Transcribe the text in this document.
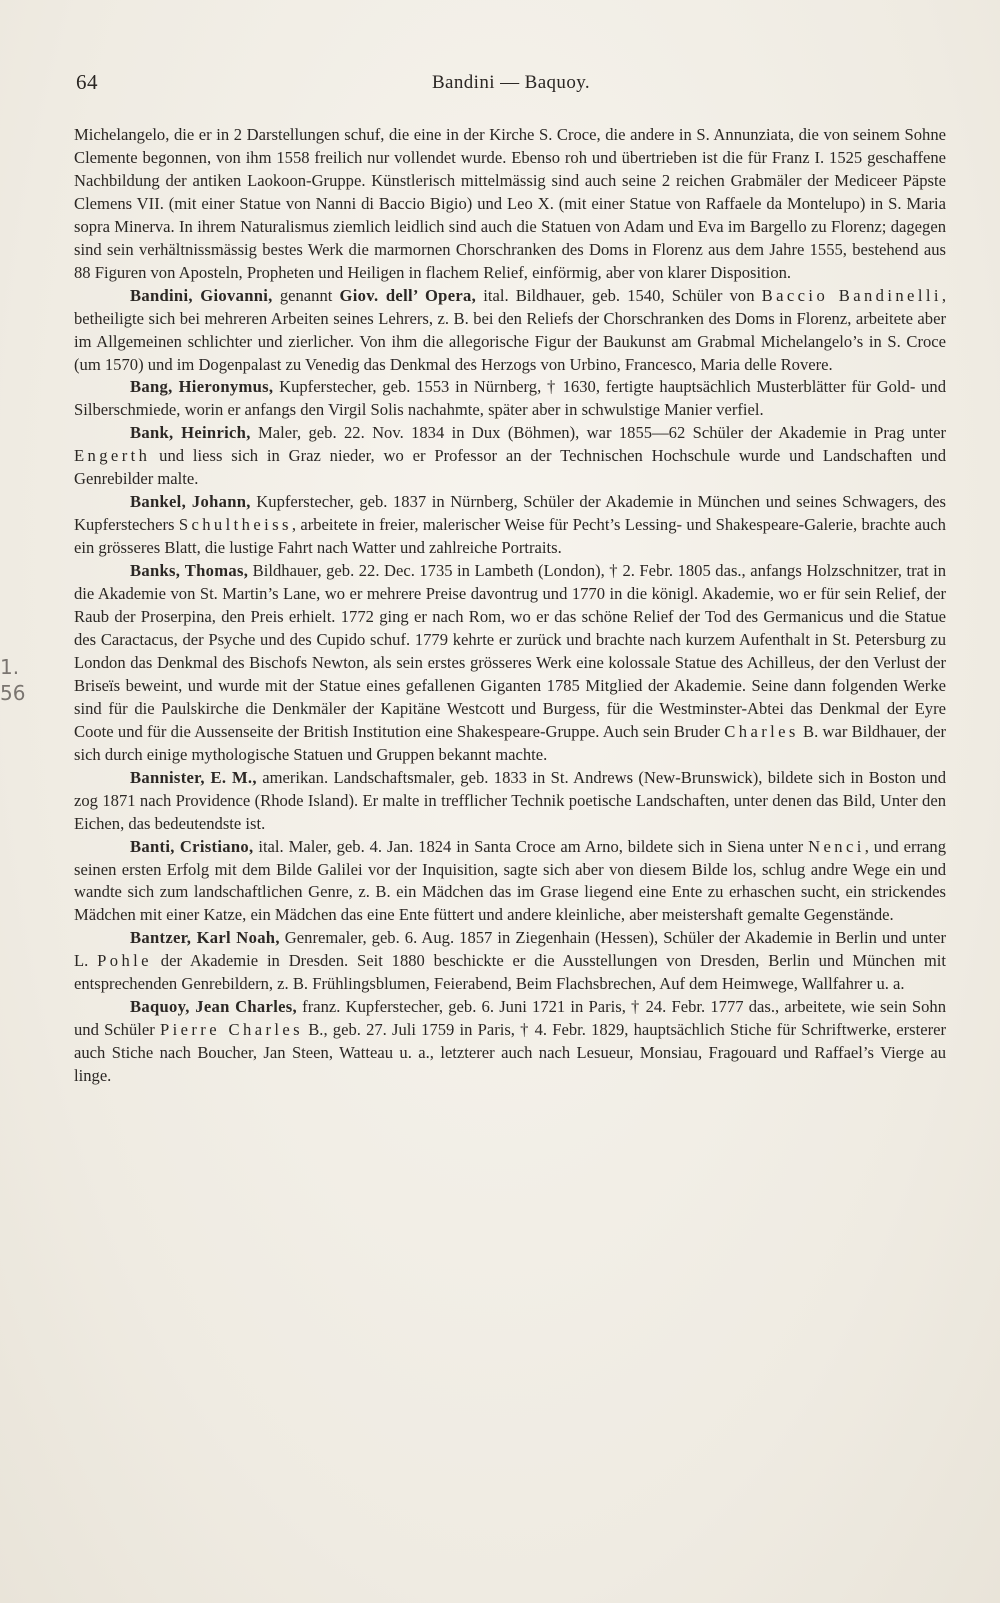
1.
56
64	Bandini — Baquoy.

Michelangelo, die er in 2 Darstellungen schuf, die eine in der Kirche S. Croce, die andere in S. Annunziata, die von seinem Sohne Clemente begonnen, von ihm 1558 freilich nur vollendet wurde. Ebenso roh und übertrieben ist die für Franz I. 1525 geschaffene Nachbildung der antiken Laokoon-Gruppe. Künstlerisch mittelmässig sind auch seine 2 reichen Grabmäler der Mediceer Päpste Clemens VII. (mit einer Statue von Nanni di Baccio Bigio) und Leo X. (mit einer Statue von Raffaele da Montelupo) in S. Maria sopra Minerva. In ihrem Naturalismus ziemlich leidlich sind auch die Statuen von Adam und Eva im Bargello zu Florenz; dagegen sind sein verhältnissmässig bestes Werk die marmornen Chorschranken des Doms in Florenz aus dem Jahre 1555, bestehend aus 88 Figuren von Aposteln, Propheten und Heiligen in flachem Relief, einförmig, aber von klarer Disposition.

Bandini, Giovanni, genannt Giov. dell’ Opera, ital. Bildhauer, geb. 1540, Schüler von Baccio Bandinelli, betheiligte sich bei mehreren Arbeiten seines Lehrers, z. B. bei den Reliefs der Chorschranken des Doms in Florenz, arbeitete aber im Allgemeinen schlichter und zierlicher. Von ihm die allegorische Figur der Baukunst am Grabmal Michelangelo’s in S. Croce (um 1570) und im Dogenpalast zu Venedig das Denkmal des Herzogs von Urbino, Francesco, Maria delle Rovere.

Bang, Hieronymus, Kupferstecher, geb. 1553 in Nürnberg, † 1630, fertigte hauptsächlich Musterblätter für Gold- und Silberschmiede, worin er anfangs den Virgil Solis nachahmte, später aber in schwulstige Manier verfiel.

Bank, Heinrich, Maler, geb. 22. Nov. 1834 in Dux (Böhmen), war 1855—62 Schüler der Akademie in Prag unter Engerth und liess sich in Graz nieder, wo er Professor an der Technischen Hochschule wurde und Landschaften und Genrebilder malte.

Bankel, Johann, Kupferstecher, geb. 1837 in Nürnberg, Schüler der Akademie in München und seines Schwagers, des Kupferstechers Schultheiss, arbeitete in freier, malerischer Weise für Pecht’s Lessing- und Shakespeare-Galerie, brachte auch ein grösseres Blatt, die lustige Fahrt nach Watter und zahlreiche Portraits.

Banks, Thomas, Bildhauer, geb. 22. Dec. 1735 in Lambeth (London), † 2. Febr. 1805 das., anfangs Holzschnitzer, trat in die Akademie von St. Martin’s Lane, wo er mehrere Preise davontrug und 1770 in die königl. Akademie, wo er für sein Relief, der Raub der Proserpina, den Preis erhielt. 1772 ging er nach Rom, wo er das schöne Relief der Tod des Germanicus und die Statue des Caractacus, der Psyche und des Cupido schuf. 1779 kehrte er zurück und brachte nach kurzem Aufenthalt in St. Petersburg zu London das Denkmal des Bischofs Newton, als sein erstes grösseres Werk eine kolossale Statue des Achilleus, der den Verlust der Briseïs beweint, und wurde mit der Statue eines gefallenen Giganten 1785 Mitglied der Akademie. Seine dann folgenden Werke sind für die Paulskirche die Denkmäler der Kapitäne Westcott und Burgess, für die Westminster-Abtei das Denkmal der Eyre Coote und für die Aussenseite der British Institution eine Shakespeare-Gruppe. Auch sein Bruder Charles B. war Bildhauer, der sich durch einige mythologische Statuen und Gruppen bekannt machte.

Bannister, E. M., amerikan. Landschaftsmaler, geb. 1833 in St. Andrews (New-Brunswick), bildete sich in Boston und zog 1871 nach Providence (Rhode Island). Er malte in trefflicher Technik poetische Landschaften, unter denen das Bild, Unter den Eichen, das bedeutendste ist.

Banti, Cristiano, ital. Maler, geb. 4. Jan. 1824 in Santa Croce am Arno, bildete sich in Siena unter Nenci, und errang seinen ersten Erfolg mit dem Bilde Galilei vor der Inquisition, sagte sich aber von diesem Bilde los, schlug andre Wege ein und wandte sich zum landschaftlichen Genre, z. B. ein Mädchen das im Grase liegend eine Ente zu erhaschen sucht, ein strickendes Mädchen mit einer Katze, ein Mädchen das eine Ente füttert und andere kleinliche, aber meistershaft gemalte Gegenstände.

Bantzer, Karl Noah, Genremaler, geb. 6. Aug. 1857 in Ziegenhain (Hessen), Schüler der Akademie in Berlin und unter L. Pohle der Akademie in Dresden. Seit 1880 beschickte er die Ausstellungen von Dresden, Berlin und München mit entsprechenden Genrebildern, z. B. Frühlingsblumen, Feierabend, Beim Flachsbrechen, Auf dem Heimwege, Wallfahrer u. a.

Baquoy, Jean Charles, franz. Kupferstecher, geb. 6. Juni 1721 in Paris, † 24. Febr. 1777 das., arbeitete, wie sein Sohn und Schüler Pierre Charles B., geb. 27. Juli 1759 in Paris, † 4. Febr. 1829, hauptsächlich Stiche für Schriftwerke, ersterer auch Stiche nach Boucher, Jan Steen, Watteau u. a., letzterer auch nach Lesueur, Monsiau, Fragouard und Raffael’s Vierge au linge.
